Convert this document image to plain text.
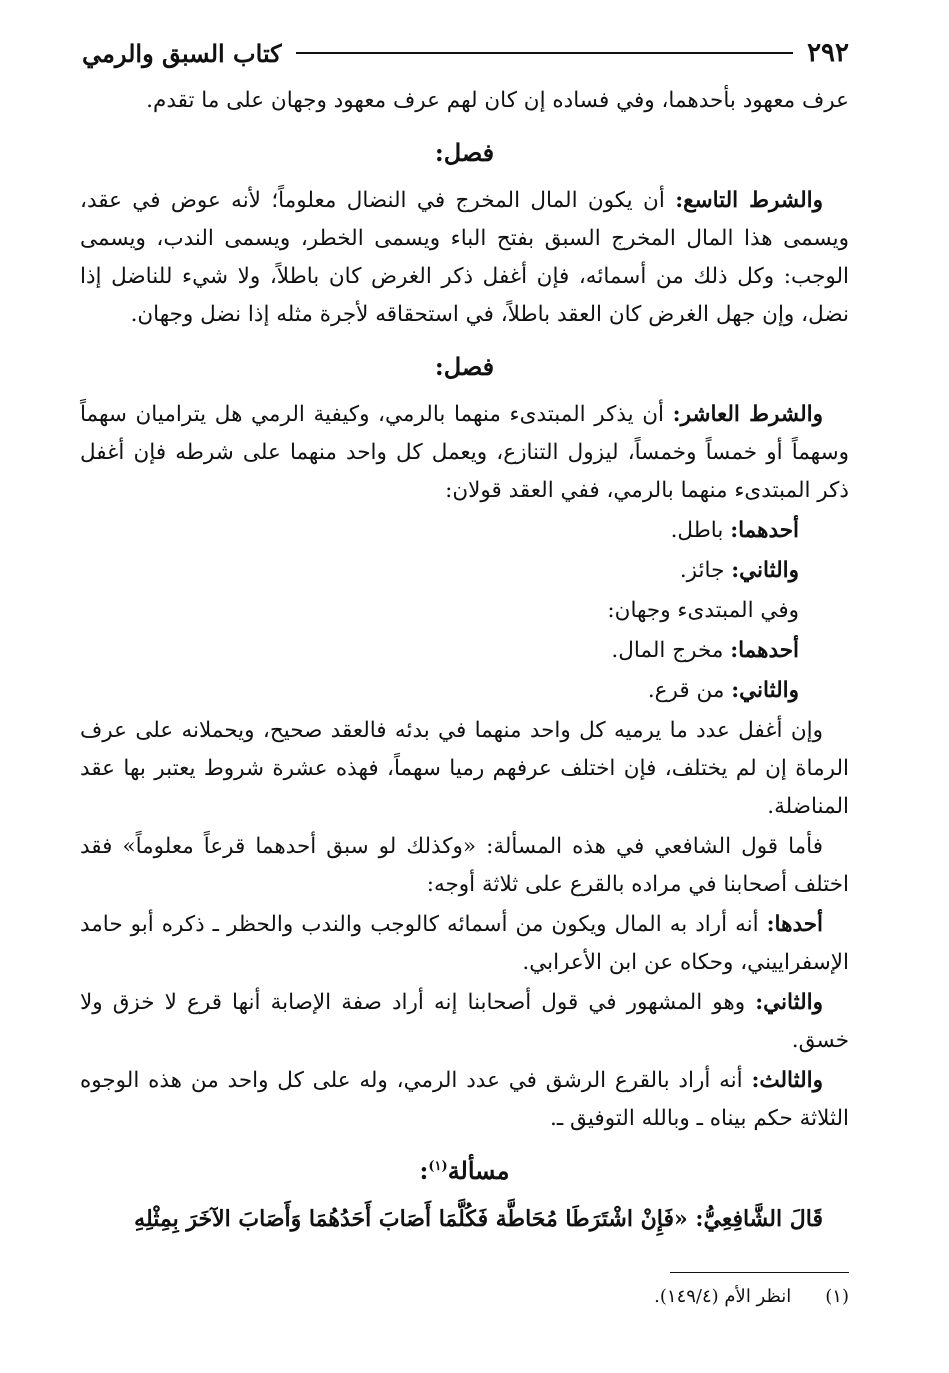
٢٩٢
كتاب السبق والرمي

عرف معهود بأحدهما، وفي فساده إن كان لهم عرف معهود وجهان على ما تقدم.

فصل:

والشرط التاسع: أن يكون المال المخرج في النضال معلوماً؛ لأنه عوض في عقد، ويسمى هذا المال المخرج السبق بفتح الباء ويسمى الخطر، ويسمى الندب، ويسمى الوجب: وكل ذلك من أسمائه، فإن أغفل ذكر الغرض كان باطلاً، ولا شيء للناضل إذا نضل، وإن جهل الغرض كان العقد باطلاً، في استحقاقه لأجرة مثله إذا نضل وجهان.

فصل:

والشرط العاشر: أن يذكر المبتدىء منهما بالرمي، وكيفية الرمي هل يتراميان سهماً وسهماً أو خمساً وخمساً، ليزول التنازع، ويعمل كل واحد منهما على شرطه فإن أغفل ذكر المبتدىء منهما بالرمي، ففي العقد قولان:

أحدهما: باطل.

والثاني: جائز.

وفي المبتدىء وجهان:

أحدهما: مخرج المال.

والثاني: من قرع.

وإن أغفل عدد ما يرميه كل واحد منهما في بدئه فالعقد صحيح، ويحملانه على عرف الرماة إن لم يختلف، فإن اختلف عرفهم رميا سهماً، فهذه عشرة شروط يعتبر بها عقد المناضلة.

فأما قول الشافعي في هذه المسألة: «وكذلك لو سبق أحدهما قرعاً معلوماً» فقد اختلف أصحابنا في مراده بالقرع على ثلاثة أوجه:

أحدها: أنه أراد به المال ويكون من أسمائه كالوجب والندب والحظر ـ ذكره أبو حامد الإسفراييني، وحكاه عن ابن الأعرابي.

والثاني: وهو المشهور في قول أصحابنا إنه أراد صفة الإصابة أنها قرع لا خزق ولا خسق.

والثالث: أنه أراد بالقرع الرشق في عدد الرمي، وله على كل واحد من هذه الوجوه الثلاثة حكم بيناه ـ وبالله التوفيق ـ.

مسألة$^{(١)}$:

قَالَ الشَّافِعِيُّ: «فَإِنْ اشْتَرَطَا مُحَاطَّة فَكُلَّمَا أَصَابَ أَحَدُهُمَا وَأَصَابَ الآخَرَ بِمِثْلِهِ

(١)
انظر الأم (١٤٩/٤).
